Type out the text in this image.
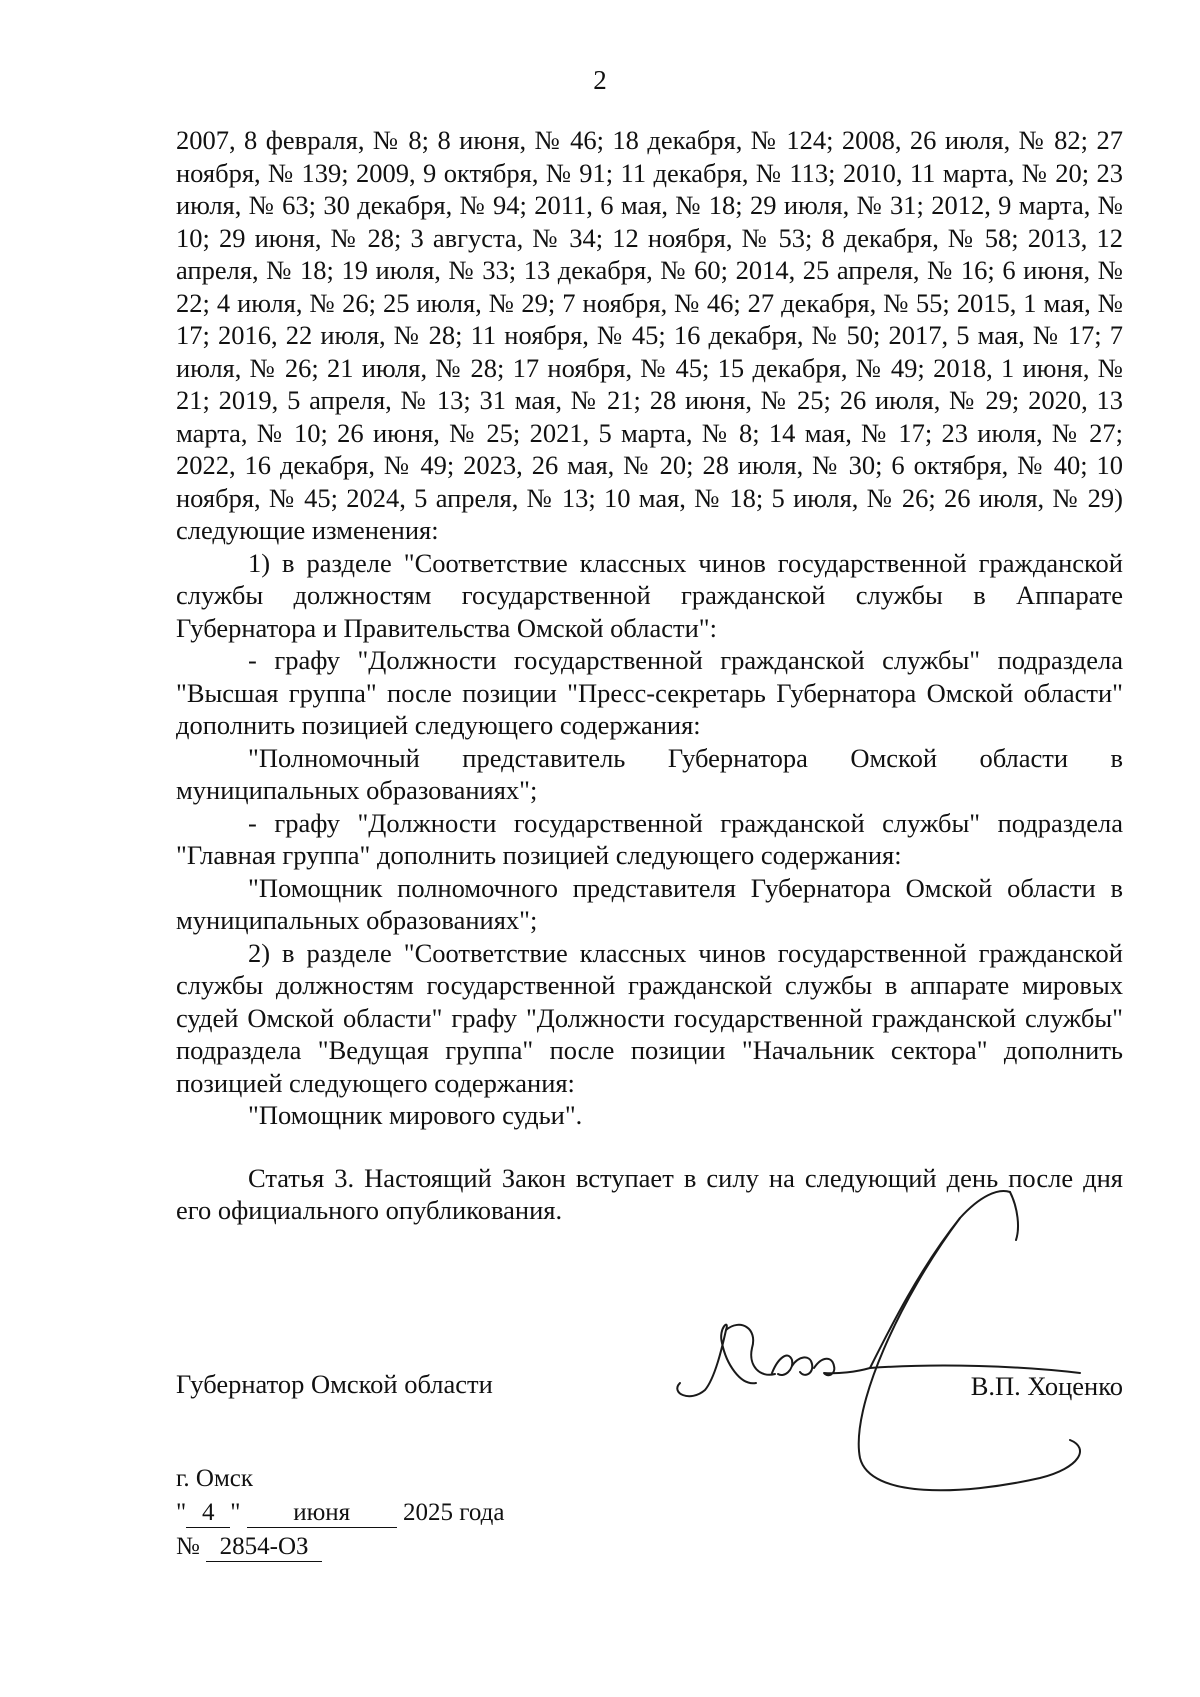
2

2007, 8 февраля, № 8; 8 июня, № 46; 18 декабря, № 124; 2008, 26 июля, № 82; 27 ноября, № 139; 2009, 9 октября, № 91; 11 декабря, № 113; 2010, 11 марта, № 20; 23 июля, № 63; 30 декабря, № 94; 2011, 6 мая, № 18; 29 июля, № 31; 2012, 9 марта, № 10; 29 июня, № 28; 3 августа, № 34; 12 ноября, № 53; 8 декабря, № 58; 2013, 12 апреля, № 18; 19 июля, № 33; 13 декабря, № 60; 2014, 25 апреля, № 16; 6 июня, № 22; 4 июля, № 26; 25 июля, № 29; 7 ноября, № 46; 27 декабря, № 55; 2015, 1 мая, № 17; 2016, 22 июля, № 28; 11 ноября, № 45; 16 декабря, № 50; 2017, 5 мая, № 17; 7 июля, № 26; 21 июля, № 28; 17 ноября, № 45; 15 декабря, № 49; 2018, 1 июня, № 21; 2019, 5 апреля, № 13; 31 мая, № 21; 28 июня, № 25; 26 июля, № 29; 2020, 13 марта, № 10; 26 июня, № 25; 2021, 5 марта, № 8; 14 мая, № 17; 23 июля, № 27; 2022, 16 декабря, № 49; 2023, 26 мая, № 20; 28 июля, № 30; 6 октября, № 40; 10 ноября, № 45; 2024, 5 апреля, № 13; 10 мая, № 18; 5 июля, № 26; 26 июля, № 29) следующие изменения:

1) в разделе "Соответствие классных чинов государственной гражданской службы должностям государственной гражданской службы в Аппарате Губернатора и Правительства Омской области":

- графу "Должности государственной гражданской службы" подраздела "Высшая группа" после позиции "Пресс-секретарь Губернатора Омской области" дополнить позицией следующего содержания:

"Полномочный представитель Губернатора Омской области в муниципальных образованиях";

- графу "Должности государственной гражданской службы" подраздела "Главная группа" дополнить позицией следующего содержания:

"Помощник полномочного представителя Губернатора Омской области в муниципальных образованиях";

2) в разделе "Соответствие классных чинов государственной гражданской службы должностям государственной гражданской службы в аппарате мировых судей Омской области" графу "Должности государственной гражданской службы" подраздела "Ведущая группа" после позиции "Начальник сектора" дополнить позицией следующего содержания:

"Помощник мирового судьи".

Статья 3. Настоящий Закон вступает в силу на следующий день после дня его официального опубликования.

Губернатор Омской области	В.П. Хоценко
г. Омск
" 4 " июня 2025 года
№ 2854-ОЗ
